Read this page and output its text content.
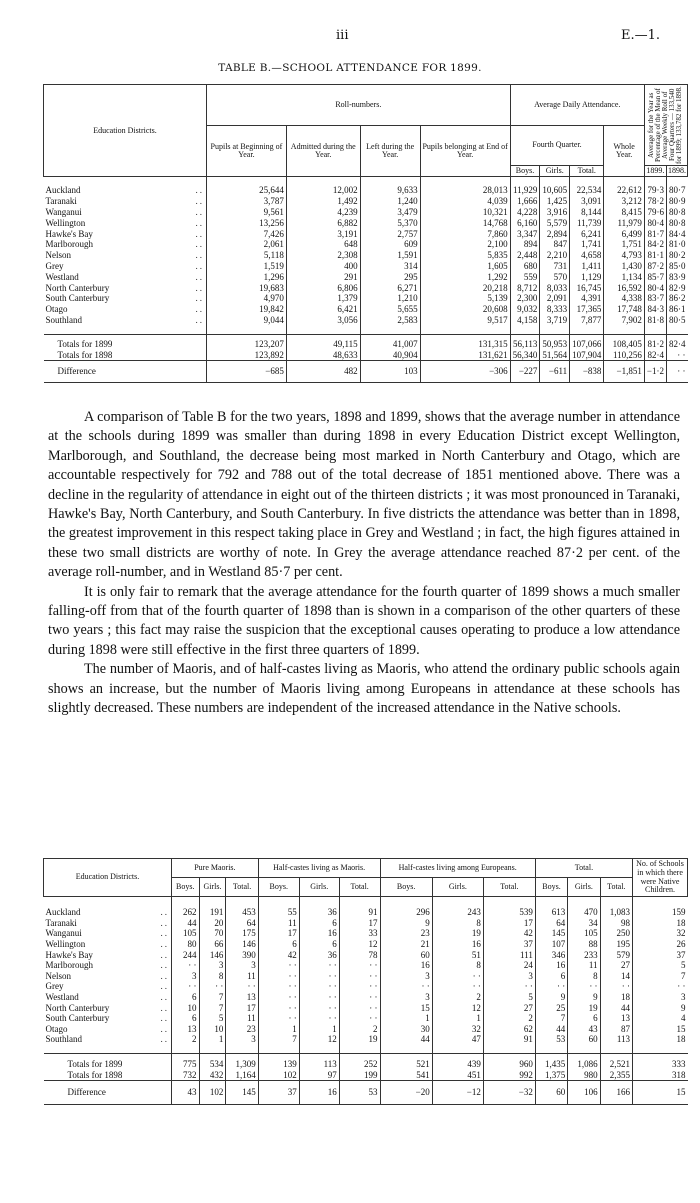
iii	E.—1.
TABLE B.—SCHOOL ATTENDANCE FOR 1899.
Education Districts.	Roll-numbers.				Average Daily Attendance.				Average for the Year as Percentage of the Mean of Average Weekly Roll of Four Quarters — 133,540 for 1899; 133,782 for 1898.	

	Pupils at Beginning of Year.	Admitted during the Year.	Left during the Year.	Pupils belonging at End of Year.	Fourth Quarter.			Whole Year.		
					Boys.	Girls.	Total.		1899.	1898.
Auckland ..	25,644	12,002	9,633	28,013	11,929	10,605	22,534	22,612	79·3	80·7
Taranaki ..	3,787	1,492	1,240	4,039	1,666	1,425	3,091	3,212	78·2	80·9
Wanganui ..	9,561	4,239	3,479	10,321	4,228	3,916	8,144	8,415	79·6	80·8
Wellington ..	13,256	6,882	5,370	14,768	6,160	5,579	11,739	11,979	80·4	80·8
Hawke's Bay ..	7,426	3,191	2,757	7,860	3,347	2,894	6,241	6,499	81·7	84·4
Marlborough ..	2,061	648	609	2,100	894	847	1,741	1,751	84·2	81·0
Nelson ..	5,118	2,308	1,591	5,835	2,448	2,210	4,658	4,793	81·1	80·2
Grey ..	1,519	400	314	1,605	680	731	1,411	1,430	87·2	85·0
Westland ..	1,296	291	295	1,292	559	570	1,129	1,134	85·7	83·9
North Canterbury ..	19,683	6,806	6,271	20,218	8,712	8,033	16,745	16,592	80·4	82·9
South Canterbury ..	4,970	1,379	1,210	5,139	2,300	2,091	4,391	4,338	83·7	86·2
Otago ..	19,842	6,421	5,655	20,608	9,032	8,333	17,365	17,748	84·3	86·1
Southland ..	9,044	3,056	2,583	9,517	4,158	3,719	7,877	7,902	81·8	80·5
Totals for 1899	123,207	49,115	41,007	131,315	56,113	50,953	107,066	108,405	81·2	82·4
Totals for 1898	123,892	48,633	40,904	131,621	56,340	51,564	107,904	110,256	82·4	· ·
Difference	−685	482	103	−306	−227	−611	−838	−1,851	−1·2	· ·

A comparison of Table B for the two years, 1898 and 1899, shows that the average number in attendance at the schools during 1899 was smaller than during 1898 in every Education District except Wellington, Marlborough, and Southland, the decrease being most marked in North Canterbury and Otago, which are accountable respectively for 792 and 788 out of the total decrease of 1851 mentioned above. There was a decline in the regularity of attendance in eight out of the thirteen districts ; it was most pronounced in Taranaki, Hawke's Bay, North Canterbury, and South Canterbury. In five districts the attendance was better than in 1898, the greatest improvement in this respect taking place in Grey and Westland ; in fact, the high figures attained in these two small districts are worthy of note. In Grey the average attendance reached 87·2 per cent. of the average roll-number, and in Westland 85·7 per cent.

It is only fair to remark that the average attendance for the fourth quarter of 1899 shows a much smaller falling-off from that of the fourth quarter of 1898 than is shown in a comparison of the other quarters of these two years ; this fact may raise the suspicion that the exceptional causes operating to produce a low attendance during 1898 were still effective in the first three quarters of 1899.

The number of Maoris, and of half-castes living as Maoris, who attend the ordinary public schools again shows an increase, but the number of Maoris living among Europeans in attendance at these schools has slightly decreased. These numbers are independent of the increased attendance in the Native schools.

Education Districts.	Pure Maoris.			Half-castes living as Maoris.			Half-castes living among Europeans.			Total.			No. of Schools in which there were Native Children.
	Boys.	Girls.	Total.	Boys.	Girls.	Total.	Boys.	Girls.	Total.	Boys.	Girls.	Total.	
Auckland ..	262	191	453	55	36	91	296	243	539	613	470	1,083	159
Taranaki ..	44	20	64	11	6	17	9	8	17	64	34	98	18
Wanganui ..	105	70	175	17	16	33	23	19	42	145	105	250	32
Wellington ..	80	66	146	6	6	12	21	16	37	107	88	195	26
Hawke's Bay ..	244	146	390	42	36	78	60	51	111	346	233	579	37
Marlborough ..	· ·	3	3	· ·	· ·	· ·	16	8	24	16	11	27	5
Nelson ..	3	8	11	· ·	· ·	· ·	3	· ·	3	6	8	14	7
Grey ..	· ·	· ·	· ·	· ·	· ·	· ·	· ·	· ·	· ·	· ·	· ·	· ·	· ·
Westland ..	6	7	13	· ·	· ·	· ·	3	2	5	9	9	18	3
North Canterbury ..	10	7	17	· ·	· ·	· ·	15	12	27	25	19	44	9
South Canterbury ..	6	5	11	· ·	· ·	· ·	1	1	2	7	6	13	4
Otago ..	13	10	23	1	1	2	30	32	62	44	43	87	15
Southland ..	2	1	3	7	12	19	44	47	91	53	60	113	18
Totals for 1899	775	534	1,309	139	113	252	521	439	960	1,435	1,086	2,521	333
Totals for 1898	732	432	1,164	102	97	199	541	451	992	1,375	980	2,355	318
Difference	43	102	145	37	16	53	−20	−12	−32	60	106	166	15
